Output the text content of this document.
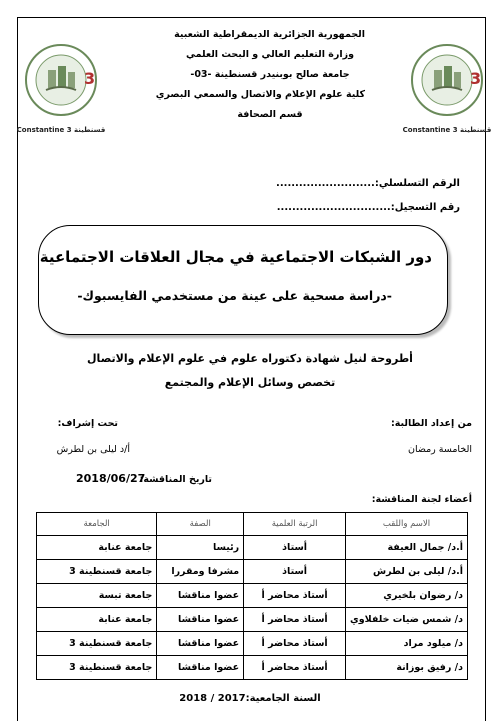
الجمهورية الجزائرية الديمقراطية الشعبية
وزارة التعليم العالي و البحث العلمي
جامعة صالح بوبنيدر قسنطينة -03-
كلية علوم الإعلام والاتصال والسمعي البصري
قسم الصحافة
3
Constantine 3 قسنطينة
3
Constantine 3 قسنطينة
الرقم التسلسلي:..........................
رقم التسجيل:..............................
دور الشبكات الاجتماعية في مجال العلاقات الاجتماعية
-دراسة مسحية على عينة من مستخدمي الفايسبوك-
أطروحة لنيل شهادة دكتوراه علوم في علوم الإعلام والاتصال
تخصص وسائل الإعلام والمجتمع
من إعداد الطالبة:
تحت إشراف:
الخامسة رمضان
أ/د ليلى بن لطرش
تاريخ المناقشة:
2018/06/27
أعضاء لجنة المناقشة:
الاسم واللقب	الرتبة العلمية	الصفة	الجامعة
أ.د/ جمال العيفة	أستاذ	رئيسا	جامعة عنابة
أ.د/ ليلى بن لطرش	أستاذ	مشرفا ومقررا	جامعة قسنطينة 3
د/ رضوان بلخيري	أستاذ محاضر أ	عضوا مناقشا	جامعة تبسة
د/ شمس ضيات خلفلاوي	أستاذ محاضر أ	عضوا مناقشا	جامعة عنابة
د/ ميلود مراد	أستاذ محاضر أ	عضوا مناقشا	جامعة قسنطينة 3
د/ رفيق بوزانة	أستاذ محاضر أ	عضوا مناقشا	جامعة قسنطينة 3
السنة الجامعية:2017 / 2018
